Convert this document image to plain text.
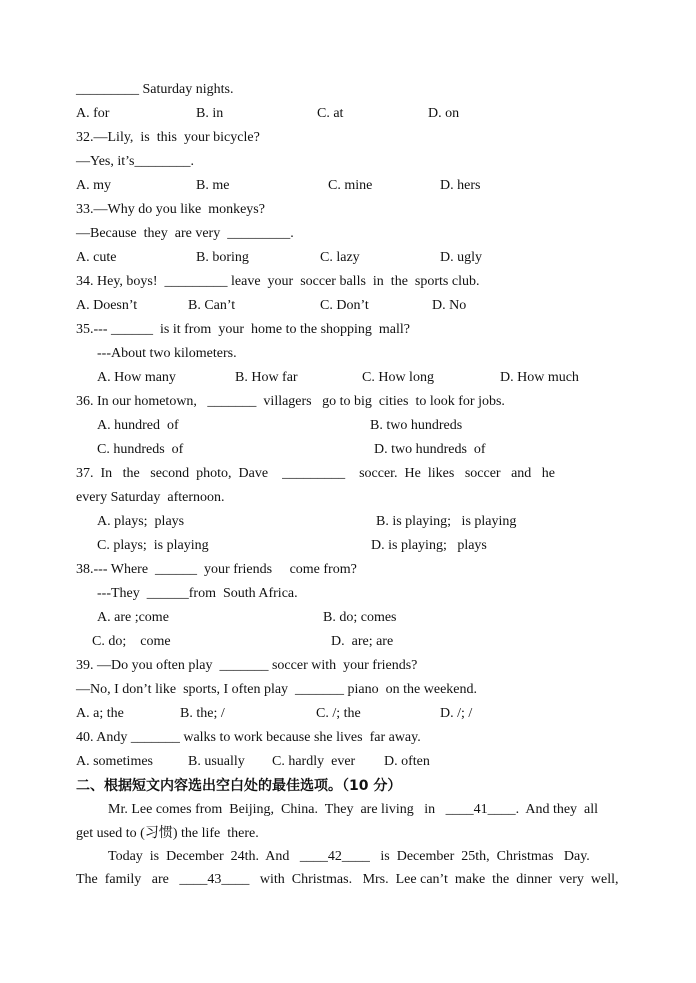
_________ Saturday nights.
A. for	B. in	C. at	D. on
32.—Lily,  is  this  your bicycle?
—Yes, it’s________.
A. my	B. me	C. mine	D. hers
33.—Why do you like  monkeys?
—Because  they  are very  _________.
A. cute	B. boring	C. lazy	D. ugly
34. Hey, boys!  _________ leave  your  soccer balls  in  the  sports club.
A. Doesn’t	B. Can’t	C. Don’t	D. No
35.--- ______  is it from  your  home to the shopping  mall?
---About two kilometers.
A. How many	B. How far	C. How long	D. How much
36. In our hometown,   _______  villagers   go to big  cities  to look for jobs.
A. hundred  of	B. two hundreds
C. hundreds  of	D. two hundreds  of
37.  In   the   second  photo,  Dave    _________    soccer.  He  likes   soccer   and   he
every Saturday  afternoon.
A. plays;  plays	B. is playing;   is playing
C. plays;  is playing	D. is playing;   plays
38.--- Where  ______  your friends     come from?
---They  ______from  South Africa.
A. are ;come	B. do; comes
C. do;    come	D.  are; are
39. —Do you often play  _______ soccer with  your friends?
—No, I don’t like  sports, I often play  _______ piano  on the weekend.
A. a; the	B. the; /	C. /; the	D. /; /
40. Andy _______ walks to work because she lives  far away.
A. sometimes	B. usually C. hardly  ever D. often
二、根据短文内容选出空白处的最佳选项。（10 分）
Mr. Lee comes from  Beijing,  China.  They  are living   in   ____41____.  And they  all
get used to (习惯) the life  there.
Today  is  December  24th.  And   ____42____   is  December  25th,  Christmas   Day.
The  family   are   ____43____   with  Christmas.   Mrs.  Lee can’t  make  the  dinner  very  well,
